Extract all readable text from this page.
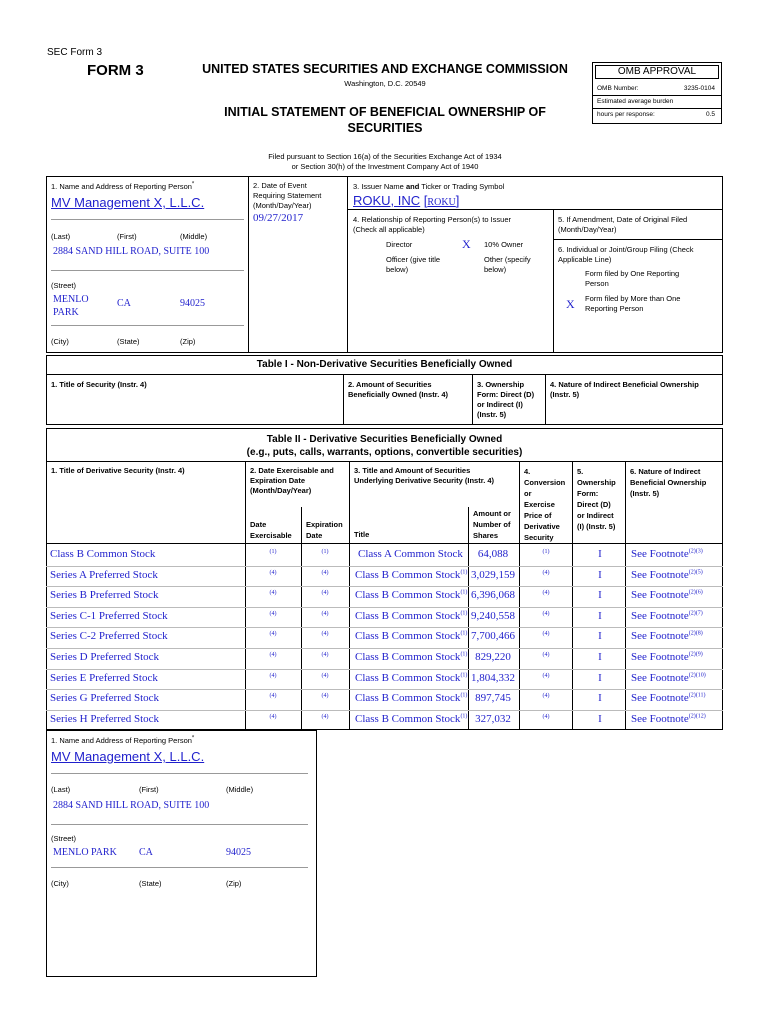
SEC Form 3
FORM 3	UNITED STATES SECURITIES AND EXCHANGE COMMISSION
Washington, D.C. 20549
INITIAL STATEMENT OF BENEFICIAL OWNERSHIP OF
SECURITIES
OMB APPROVAL
OMB Number:	3235-0104
Estimated average burden
hours per response:	0.5
Filed pursuant to Section 16(a) of the Securities Exchange Act of 1934
or Section 30(h) of the Investment Company Act of 1940
1. Name and Address of Reporting Person*
MV Management X, L.L.C.
(Last)	(First)	(Middle)
2884 SAND HILL ROAD, SUITE 100
(Street)
MENLO
PARK
CA	94025
(City)	(State)	(Zip)
2. Date of Event
Requiring Statement
(Month/Day/Year)
09/27/2017
3. Issuer Name and Ticker or Trading Symbol
ROKU, INC [ROKU]
4. Relationship of Reporting Person(s) to Issuer
(Check all applicable)
Director	X 10% Owner
Officer (give title
below)
Other (specify
below)
5. If Amendment, Date of Original Filed
(Month/Day/Year)
6. Individual or Joint/Group Filing (Check
Applicable Line)
Form filed by One Reporting
Person
X Form filed by More than One
Reporting Person
Table I - Non-Derivative Securities Beneficially Owned
1. Title of Security (Instr. 4)	2. Amount of Securities
Beneficially Owned (Instr. 4)
3. Ownership
Form: Direct (D)
or Indirect (I)
(Instr. 5)
4. Nature of Indirect Beneficial Ownership
(Instr. 5)
Table II - Derivative Securities Beneficially Owned
(e.g., puts, calls, warrants, options, convertible securities)
1. Title of Derivative Security (Instr. 4)	2. Date Exercisable and
Expiration Date
(Month/Day/Year)
3. Title and Amount of Securities
Underlying Derivative Security (Instr. 4)
4.
Conversion
or
Exercise
Price of
Derivative
Security
5.
Ownership
Form:
Direct (D)
or Indirect
(I) (Instr. 5)
6. Nature of Indirect
Beneficial Ownership
(Instr. 5)
Date
Exercisable
Expiration
Date	Title
Amount or
Number of
Shares
Class B Common Stock	(1)	(1)	Class A Common Stock	64,088	(1)	I	See Footnote$^{(2)(3)}$
Series A Preferred Stock	(4)	(4)	Class B Common Stock$^{(1)}$ 3,029,159	(4)	I	See Footnote$^{(2)(5)}$
Series B Preferred Stock	(4)	(4)	Class B Common Stock$^{(1)}$ 6,396,068	(4)	I	See Footnote$^{(2)(6)}$
Series C-1 Preferred Stock	(4)	(4)	Class B Common Stock$^{(1)}$ 9,240,558	(4)	I	See Footnote$^{(2)(7)}$
Series C-2 Preferred Stock	(4)	(4)	Class B Common Stock$^{(1)}$ 7,700,466	(4)	I	See Footnote$^{(2)(8)}$
Series D Preferred Stock	(4)	(4)	Class B Common Stock$^{(1)}$ 829,220	(4)	I	See Footnote$^{(2)(9)}$
Series E Preferred Stock	(4)	(4)	Class B Common Stock$^{(1)}$ 1,804,332	(4)	I	See Footnote$^{(2)(10)}$
Series G Preferred Stock	(4)	(4)	Class B Common Stock$^{(1)}$ 897,745	(4)	I	See Footnote$^{(2)(11)}$
Series H Preferred Stock	(4)	(4)	Class B Common Stock$^{(1)}$ 327,032	(4)	I	See Footnote$^{(2)(12)}$
1. Name and Address of Reporting Person*
MV Management X, L.L.C.
(Last)	(First)	(Middle)
2884 SAND HILL ROAD, SUITE 100
(Street)
MENLO PARK CA	94025
(City)	(State)	(Zip)
